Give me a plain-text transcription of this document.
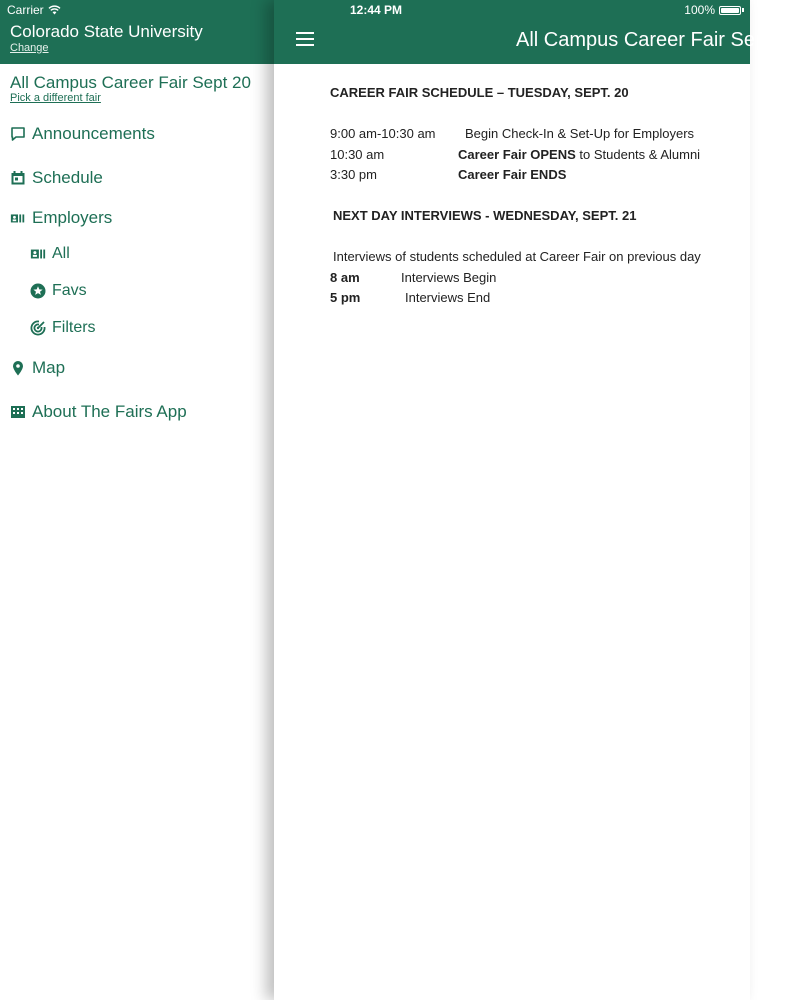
Carrier
Colorado State University
Change
All Campus Career Fair Sept 20
Pick a different fair
Announcements
Schedule
Employers
All
Favs
Filters
Map
About The Fairs App
12:44 PM	100%
All Campus Career Fair Sept 20
CAREER FAIR SCHEDULE – TUESDAY, SEPT. 20
9:00 am-10:30 am Begin Check-In & Set-Up for Employers
10:30 am	Career Fair OPENS to Students & Alumni
3:30 pm	Career Fair ENDS
NEXT DAY INTERVIEWS - WEDNESDAY, SEPT. 21
Interviews of students scheduled at Career Fair on previous day
8 am	Interviews Begin
5 pm	Interviews End
